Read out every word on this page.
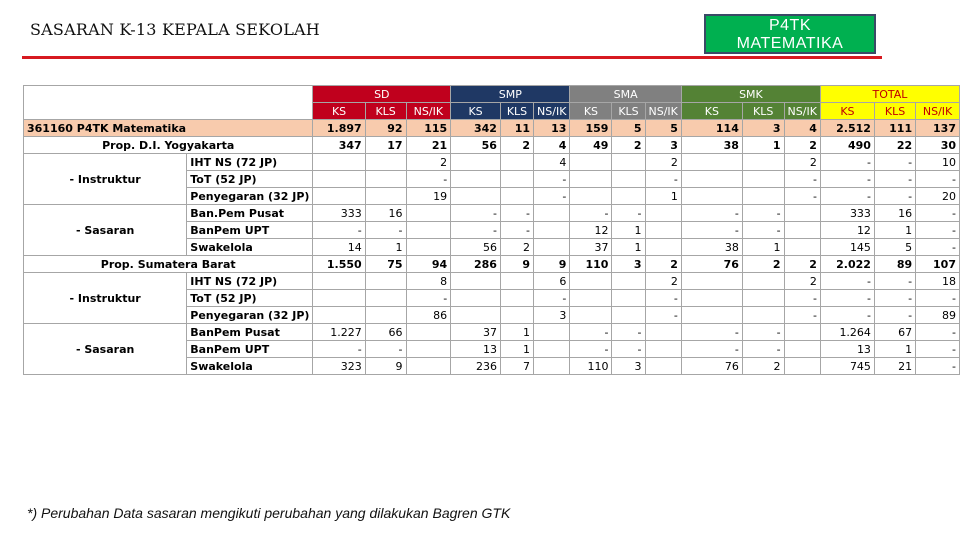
SASARAN K-13 KEPALA SEKOLAH	P4TK
MATEMATIKA
		SD			SMP			SMA			SMK			TOTAL		
		KS	KLS	NS/IK	KS	KLS	NS/IK	KS	KLS	NS/IK	KS	KLS	NS/IK	KS	KLS	NS/IK
361160 P4TK Matematika		1.897	92	115	342	11	13	159	5	5	114	3	4	2.512	111	137
Prop. D.I. Yogyakarta		347	17	21	56	2	4	49	2	3	38	1	2	490	22	30
- Instruktur	IHT NS (72 JP)			2			4			2			2	-	-	10
	ToT (52 JP)			-			-			-			-	-	-	-
	Penyegaran (32 JP)			19			-			1			-	-	-	20
- Sasaran	Ban.Pem Pusat	333	16		-	-		-	-		-	-		333	16	-
	BanPem UPT	-	-		-	-		12	1		-	-		12	1	-
	Swakelola	14	1		56	2		37	1		38	1		145	5	-
Prop. Sumatera Barat		1.550	75	94	286	9	9	110	3	2	76	2	2	2.022	89	107
- Instruktur	IHT NS (72 JP)			8			6			2			2	-	-	18
	ToT (52 JP)			-			-			-			-	-	-	-
	Penyegaran (32 JP)			86			3			-			-	-	-	89
- Sasaran	BanPem Pusat	1.227	66		37	1		-	-		-	-		1.264	67	-
	BanPem UPT	-	-		13	1		-	-		-	-		13	1	-
	Swakelola	323	9		236	7		110	3		76	2		745	21	-
*) Perubahan Data sasaran mengikuti perubahan yang dilakukan Bagren GTK
